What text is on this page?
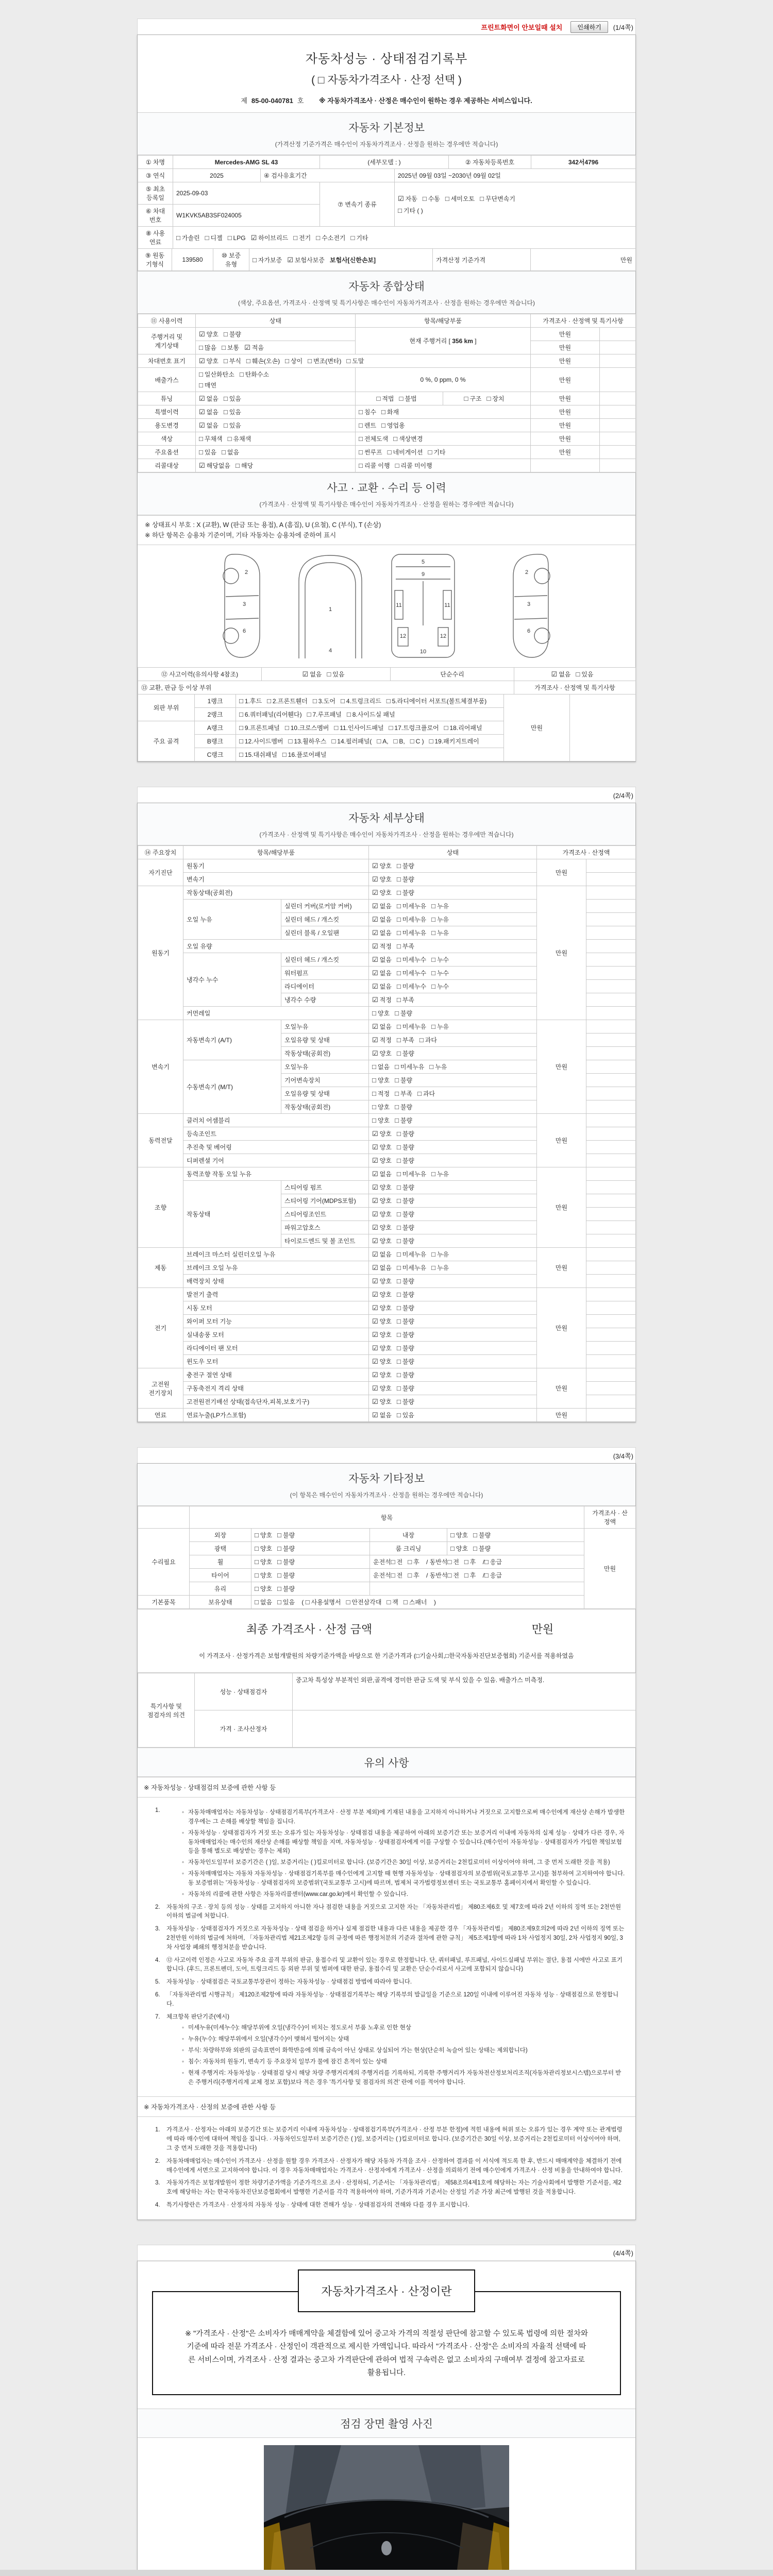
프린트화면이 안보일때 설치	인쇄하기	(1/4쪽)
자동차성능 · 상태점검기록부
( □ 자동차가격조사 · 산정 선택 )
제 85-00-040781 호 ※ 자동차가격조사 · 산정은 매수인이 원하는 경우 제공하는 서비스입니다.
자동차 기본정보
(가격산정 기준가격은 매수인이 자동차가격조사 · 산정을 원하는 경우에만 적습니다)
① 차명	Mercedes-AMG SL 43		(세부모델 : )		② 자동차등록번호	342서4796
③ 연식	2025	④ 검사유효기간		2025년 09월 03일 ~2030년 09월 02일		
⑤ 최초 등록일	2025-09-03		⑦ 변속기 종류	☑ 자동 □ 수동 □ 세미오토 □ 무단변속기
□ 기타 ( )		

⑥ 차대 번호	W1KVK5AB3SF024005					
⑧ 사용 연료	□ 가솔린 □ 디젤 □ LPG ☑ 하이브리드 □ 전기 □ 수소전기 □ 기타					
⑨ 원동 기형식	139580	⑩ 보증 유형	□ 자가보증 ☑ 보험사보증 보험사[신한손보]	가격산정 기준가격	만원
자동차 종합상태
(색상, 주요옵션, 가격조사 · 산정액 및 특기사항은 매수인이 자동차가격조사 · 산정을 원하는 경우에만 적습니다)
⑪ 사용이력	상태	항목/해당부품	가격조사 · 산정액 및 특기사항	
주행거리 및 계기상태	☑ 양호 □ 불량	현재 주행거리 [ 356 km ]	만원	
	□ 많음 □ 보통 ☑ 적음		만원	
차대번호 표기	☑ 양호 □ 부식 □ 훼손(오손) □ 상이 □ 변조(변타) □ 도말		만원	
배출가스	□ 일산화탄소 □ 탄화수소
□ 매연	0 %, 0 ppm, 0 %	만원	
튜닝	☑ 없음 □ 있음	□ 적법 □ 불법 □ 구조 □ 장치	만원	
특별이력	☑ 없음 □ 있음	□ 침수 □ 화재	만원	
용도변경	☑ 없음 □ 있음	□ 렌트 □ 영업용	만원	
색상	□ 무채색 □ 유채색	□ 전체도색 □ 색상변경	만원	
주요옵션	□ 있음 □ 없음	□ 썬루프 □ 네비게이션 □ 기타	만원	
리콜대상	☑ 해당없음 □ 해당	□ 리콜 이행 □ 리콜 미이행		
사고 · 교환 · 수리 등 이력
(가격조사 · 산정액 및 특기사항은 매수인이 자동차가격조사 · 산정을 원하는 경우에만 적습니다)
※ 상태표시 부호 : X (교환), W (판금 또는 용접), A (흠집), U (요철), C (부식), T (손상)
※ 하단 항목은 승용차 기준이며, 기타 자동차는 승용차에 준하여 표시
2
3
6
1
4
5
9
11	11
12	12
10
2
3
6
⑫ 사고이력(유의사항 4참조)	☑ 없음 □ 있음	단순수리	☑ 없음 □ 있음
⑬ 교환, 판금 등 이상 부위			가격조사 · 산정액 및 특기사항
외판 부위	1랭크	□ 1.후드 □ 2.프론트휀더 □ 3.도어 □ 4.트렁크리드 □ 5.라디에이터 서포트(볼트체결부품)	만원	
	2랭크	□ 6.쿼터패널(리어휀다) □ 7.루프패널 □ 8.사이드실 패널		
주요 골격	A랭크	□ 9.프론트패널 □ 10.크로스멤버 □ 11.인사이드패널 □ 17.트렁크플로어 □ 18.리어패널		
	B랭크	□ 12.사이드멤버 □ 13.휠하우스 □ 14.필러패널( □ A, □ B, □ C ) □ 19.패키지트레이		
	C랭크	□ 15.대쉬패널 □ 16.플로어패널		
(2/4쪽)
자동차 세부상태
(가격조사 · 산정액 및 특기사항은 매수인이 자동차가격조사 · 산정을 원하는 경우에만 적습니다)
⑭ 주요장치	항목/해당부품		상태	가격조사 · 산정액	
자기진단	원동기		☑ 양호 □ 불량	만원	
	변속기		☑ 양호 □ 불량		
원동기	작동상태(공회전)		☑ 양호 □ 불량	만원	
	오일 누유	실린더 커버(로커암 커버)	☑ 없음 □ 미세누유 □ 누유		
		실린더 헤드 / 개스킷	☑ 없음 □ 미세누유 □ 누유		
		실린더 블록 / 오일팬	☑ 없음 □ 미세누유 □ 누유		
	오일 유량		☑ 적정 □ 부족		
	냉각수 누수	실린더 헤드 / 개스킷	☑ 없음 □ 미세누수 □ 누수		
		워터펌프	☑ 없음 □ 미세누수 □ 누수		
		라디에이터	☑ 없음 □ 미세누수 □ 누수		
		냉각수 수량	☑ 적정 □ 부족		
	커먼레일		□ 양호 □ 불량		
변속기	자동변속기 (A/T)	오일누유	☑ 없음 □ 미세누유 □ 누유	만원	
		오일유량 및 상태	☑ 적정 □ 부족 □ 과다		
		작동상태(공회전)	☑ 양호 □ 불량		
	수동변속기 (M/T)	오일누유	□ 없음 □ 미세누유 □ 누유		
		기어변속장치	□ 양호 □ 불량		
		오일유량 및 상태	□ 적정 □ 부족 □ 과다		
		작동상태(공회전)	□ 양호 □ 불량		
동력전달	클러치 어셈블리		□ 양호 □ 불량	만원	
	등속조인트		☑ 양호 □ 불량		
	추진축 및 베어링		☑ 양호 □ 불량		
	디퍼렌셜 기어		☑ 양호 □ 불량		
조향	동력조향 작동 오일 누유		☑ 없음 □ 미세누유 □ 누유	만원	
	작동상태	스티어링 펌프	☑ 양호 □ 불량		
		스티어링 기어(MDPS포함)	☑ 양호 □ 불량		
		스티어링조인트	☑ 양호 □ 불량		
		파워고압호스	☑ 양호 □ 불량		
		타이로드엔드 및 볼 조인트	☑ 양호 □ 불량		
제동	브레이크 마스터 실린더오일 누유		☑ 없음 □ 미세누유 □ 누유	만원	
	브레이크 오일 누유		☑ 없음 □ 미세누유 □ 누유		
	배력장치 상태		☑ 양호 □ 불량		
전기	발전기 출력		☑ 양호 □ 불량	만원	
	시동 모터		☑ 양호 □ 불량		
	와이퍼 모터 기능		☑ 양호 □ 불량		
	실내송풍 모터		☑ 양호 □ 불량		
	라디에이터 팬 모터		☑ 양호 □ 불량		
	윈도우 모터		☑ 양호 □ 불량		
고전원 전기장치	충전구 절연 상태		☑ 양호 □ 불량	만원	
	구동축전지 격리 상태		☑ 양호 □ 불량		
	고전원전기배선 상태(접속단자,피복,보호기구)		☑ 양호 □ 불량		
연료	연료누출(LP가스포함)		☑ 없음 □ 있음	만원	
(3/4쪽)
자동차 기타정보
(이 항목은 매수인이 자동차가격조사 · 산정을 원하는 경우에만 적습니다)
	항목				가격조사 · 산 정액
수리필요	외장	□ 양호 □ 불량	내장	□ 양호 □ 불량	만원
	광택	□ 양호 □ 불량	룸 크리닝	□ 양호 □ 불량	
	휠	□ 양호 □ 불량	운전석□ 전 □ 후 / 동반석□ 전 □ 후 /□ 응급		
	타이어	□ 양호 □ 불량	운전석□ 전 □ 후 / 동반석□ 전 □ 후 /□ 응급		
	유리	□ 양호 □ 불량			
기본품목	보유상태	□ 없음 □ 있음 ( □ 사용설명서 □ 안전삼각대 □ 잭 □ 스패너 )			
최종 가격조사 · 산정 금액	만원
이 가격조사 · 산정가격은 보험개발원의 차량기준가액을 바탕으로 한 기준가격과 (□기술사회,□한국자동차진단보증협회) 기준서를 적용하였음
특기사항 및 점검자의 의견	성능 · 상태점검자	중고차 특성상 부분적인 외판,골격에 경미한 판금 도색 및 부식 있을 수 있음. 배출가스 미측정.
	가격 · 조사산정자	
유의 사항
※ 자동차성능 · 상태점검의 보증에 관한 사항 등
1.	◦ 자동차매매업자는 자동차성능 · 상태점검기록부(가격조사 · 산정 부분 제외)에 기재된 내용을 고지하지 아니하거나 거짓으로 고지함으로써 매수인에게 재산상 손해가 발생한 경우에는 그 손해를 배상할 책임을 집니다.
◦ 자동차성능 · 상태점검자가 거짓 또는 오류가 있는 자동차성능 · 상태점검 내용을 제공하여 아래의 보증기간 또는 보증거리 이내에 자동차의 실제 성능 · 상태가 다른 경우, 자동차매매업자는 매수인의 재산상 손해를 배상할 책임을 지며, 자동차성능 · 상태점검자에게 이를 구상할 수 있습니다.(매수인이 자동차성능 · 상태점검자가 가입한 책임보험 등을 통해 별도로 배상받는 경우는 제외)
◦ 자동차인도일부터 보증기간은 ( )일, 보증거리는 ( )킬로미터로 합니다. (보증기간은 30일 이상, 보증거리는 2천킬로미터 이상이어야 하며, 그 중 먼저 도래한 것을 적용)
◦ 자동차매매업자는 자동차 자동차성능 · 상태점검기록부를 매수인에게 고지할 때 현행 자동차성능 · 상태점검자의 보증범위(국토교통부 고시)를 첨부하여 고지하여야 합니다. 동 보증범위는 '자동차성능 · 상태점검자의 보증범위'(국토교통부 고시)에 따르며, 법제처 국가법령정보센터 또는 국토교통부 홈페이지에서 확인할 수 있습니다.
◦ 자동차의 리콜에 관한 사항은 자동차리콜센터(www.car.go.kr)에서 확인할 수 있습니다.
2.	자동차의 구조 · 장치 등의 성능 · 상태를 고지하지 아니한 자나 점검한 내용을 거짓으로 고지한 자는 「자동차관리법」 제80조제6호 및 제7호에 따라 2년 이하의 징역 또는 2천만원 이하의 벌금에 처합니다.
3.	자동차성능 · 상태점검자가 거짓으로 자동차성능 · 상태 점검을 하거나 실제 점검한 내용과 다른 내용을 제공한 경우 「자동차관리법」 제80조제9호의2에 따라 2년 이하의 징역 또는 2천만원 이하의 벌금에 처하며, 「자동차관리법 제21조제2항 등의 규정에 따른 행정처분의 기준과 절차에 관한 규칙」 제5조제1항에 따라 1차 사업정지 30일, 2차 사업정지 90일, 3차 사업장 폐쇄의 행정처분을 받습니다.
4.	⑫ 사고이력 인정은 사고로 자동차 주요 골격 부위의 판금, 용접수리 및 교환이 있는 경우로 한정합니다. 단, 쿼터패널, 루프패널, 사이드실패널 부위는 절단, 용접 시에만 사고로 표기합니다. (후드, 프론트펜더, 도어, 트렁크리드 등 외판 부위 및 범퍼에 대한 판금, 용접수리 및 교환은 단순수리로서 사고에 포함되지 않습니다)
5.	자동차성능 · 상태점검은 국토교통부장관이 정하는 자동차성능 · 상태점검 방법에 따라야 합니다.
6.	「자동차관리법 시행규칙」 제120조제2항에 따라 자동차성능 · 상태점검기록부는 해당 기록부의 발급일을 기준으로 120일 이내에 이루어진 자동차 성능 · 상태점검으로 한정합니다.
7.	체크항목 판단기준(예시)
◦ 미세누유(미세누수): 해당부위에 오일(냉각수)이 비치는 정도로서 부품 노후로 인한 현상
◦ 누유(누수): 해당부위에서 오일(냉각수)이 맺혀서 떨어지는 상태
◦ 부식: 차량하부와 외판의 금속표면이 화학반응에 의해 금속이 아닌 상태로 상실되어 가는 현상(단순히 녹슬어 있는 상태는 제외합니다)
◦ 침수: 자동차의 원동기, 변속기 등 주요장치 일부가 물에 잠긴 흔적이 있는 상태
◦ 현재 주행거리: 자동차성능 · 상태점검 당시 해당 차량 주행거리계의 주행거리를 기록하되, 기록한 주행거리가 자동차전산정보처리조직(자동차관리정보시스템)으로부터 받은 주행거리(주행거리계 교체 정보 포함)보다 적은 경우 '특기사항 및 점검자의 의견' 란에 이를 적어야 합니다.
※ 자동차가격조사 · 산정의 보증에 관한 사항 등
1.	가격조사 · 산정자는 아래의 보증기간 또는 보증거리 이내에 자동차성능 · 상태점검기록부(가격조사 · 산정 부분 한정)에 적힌 내용에 허위 또는 오류가 있는 경우 계약 또는 관계법령에 따라 매수인에 대하여 책임을 집니다. · 자동차인도일부터 보증기간은 ( )일, 보증거리는 ( )킬로미터로 합니다. (보증기간은 30일 이상, 보증거리는 2천킬로미터 이상이어야 하며, 그 중 먼저 도래한 것을 적용합니다)
2.	자동차매매업자는 매수인이 가격조사 · 산정을 원할 경우 가격조사 · 산정자가 해당 자동차 가격을 조사 · 산정하여 결과를 이 서식에 적도록 한 후, 반드시 매매계약을 체결하기 전에 매수인에게 서면으로 고지하여야 합니다. 이 경우 자동차매매업자는 가격조사 · 산정자에게 가격조사 · 산정을 의뢰하기 전에 매수인에게 가격조사 · 산정 비용을 안내하여야 합니다.
3.	자동차가격은 보험개발원이 정한 차량기준가액을 기준가격으로 조사 · 산정하되, 기준서는 「자동차관리법」 제58조의4제1호에 해당하는 자는 기술사회에서 발행한 기준서를, 제2호에 해당하는 자는 한국자동차진단보증협회에서 발행한 기준서를 각각 적용하여야 하며, 기준가격과 기준서는 산정일 기준 가장 최근에 발행된 것을 적용합니다.
4.	특기사항란은 가격조사 · 산정자의 자동차 성능 · 상태에 대한 견해가 성능 · 상태점검자의 견해와 다를 경우 표시합니다.
(4/4쪽)
자동차가격조사 · 산정이란
※ "가격조사 · 산정"은 소비자가 매매계약을 체결함에 있어 중고차 가격의 적절성 판단에 참고할 수 있도록 법령에 의한 절차와 기준에 따라 전문 가격조사 · 산정인이 객관적으로 제시한 가액입니다. 따라서 "가격조사 · 산정"은 소비자의 자율적 선택에 따른 서비스이며, 가격조사 · 산정 결과는 중고차 가격판단에 관하여 법적 구속력은 없고 소비자의 구매여부 결정에 참고자료로 활용됩니다.
점검 장면 촬영 사진
